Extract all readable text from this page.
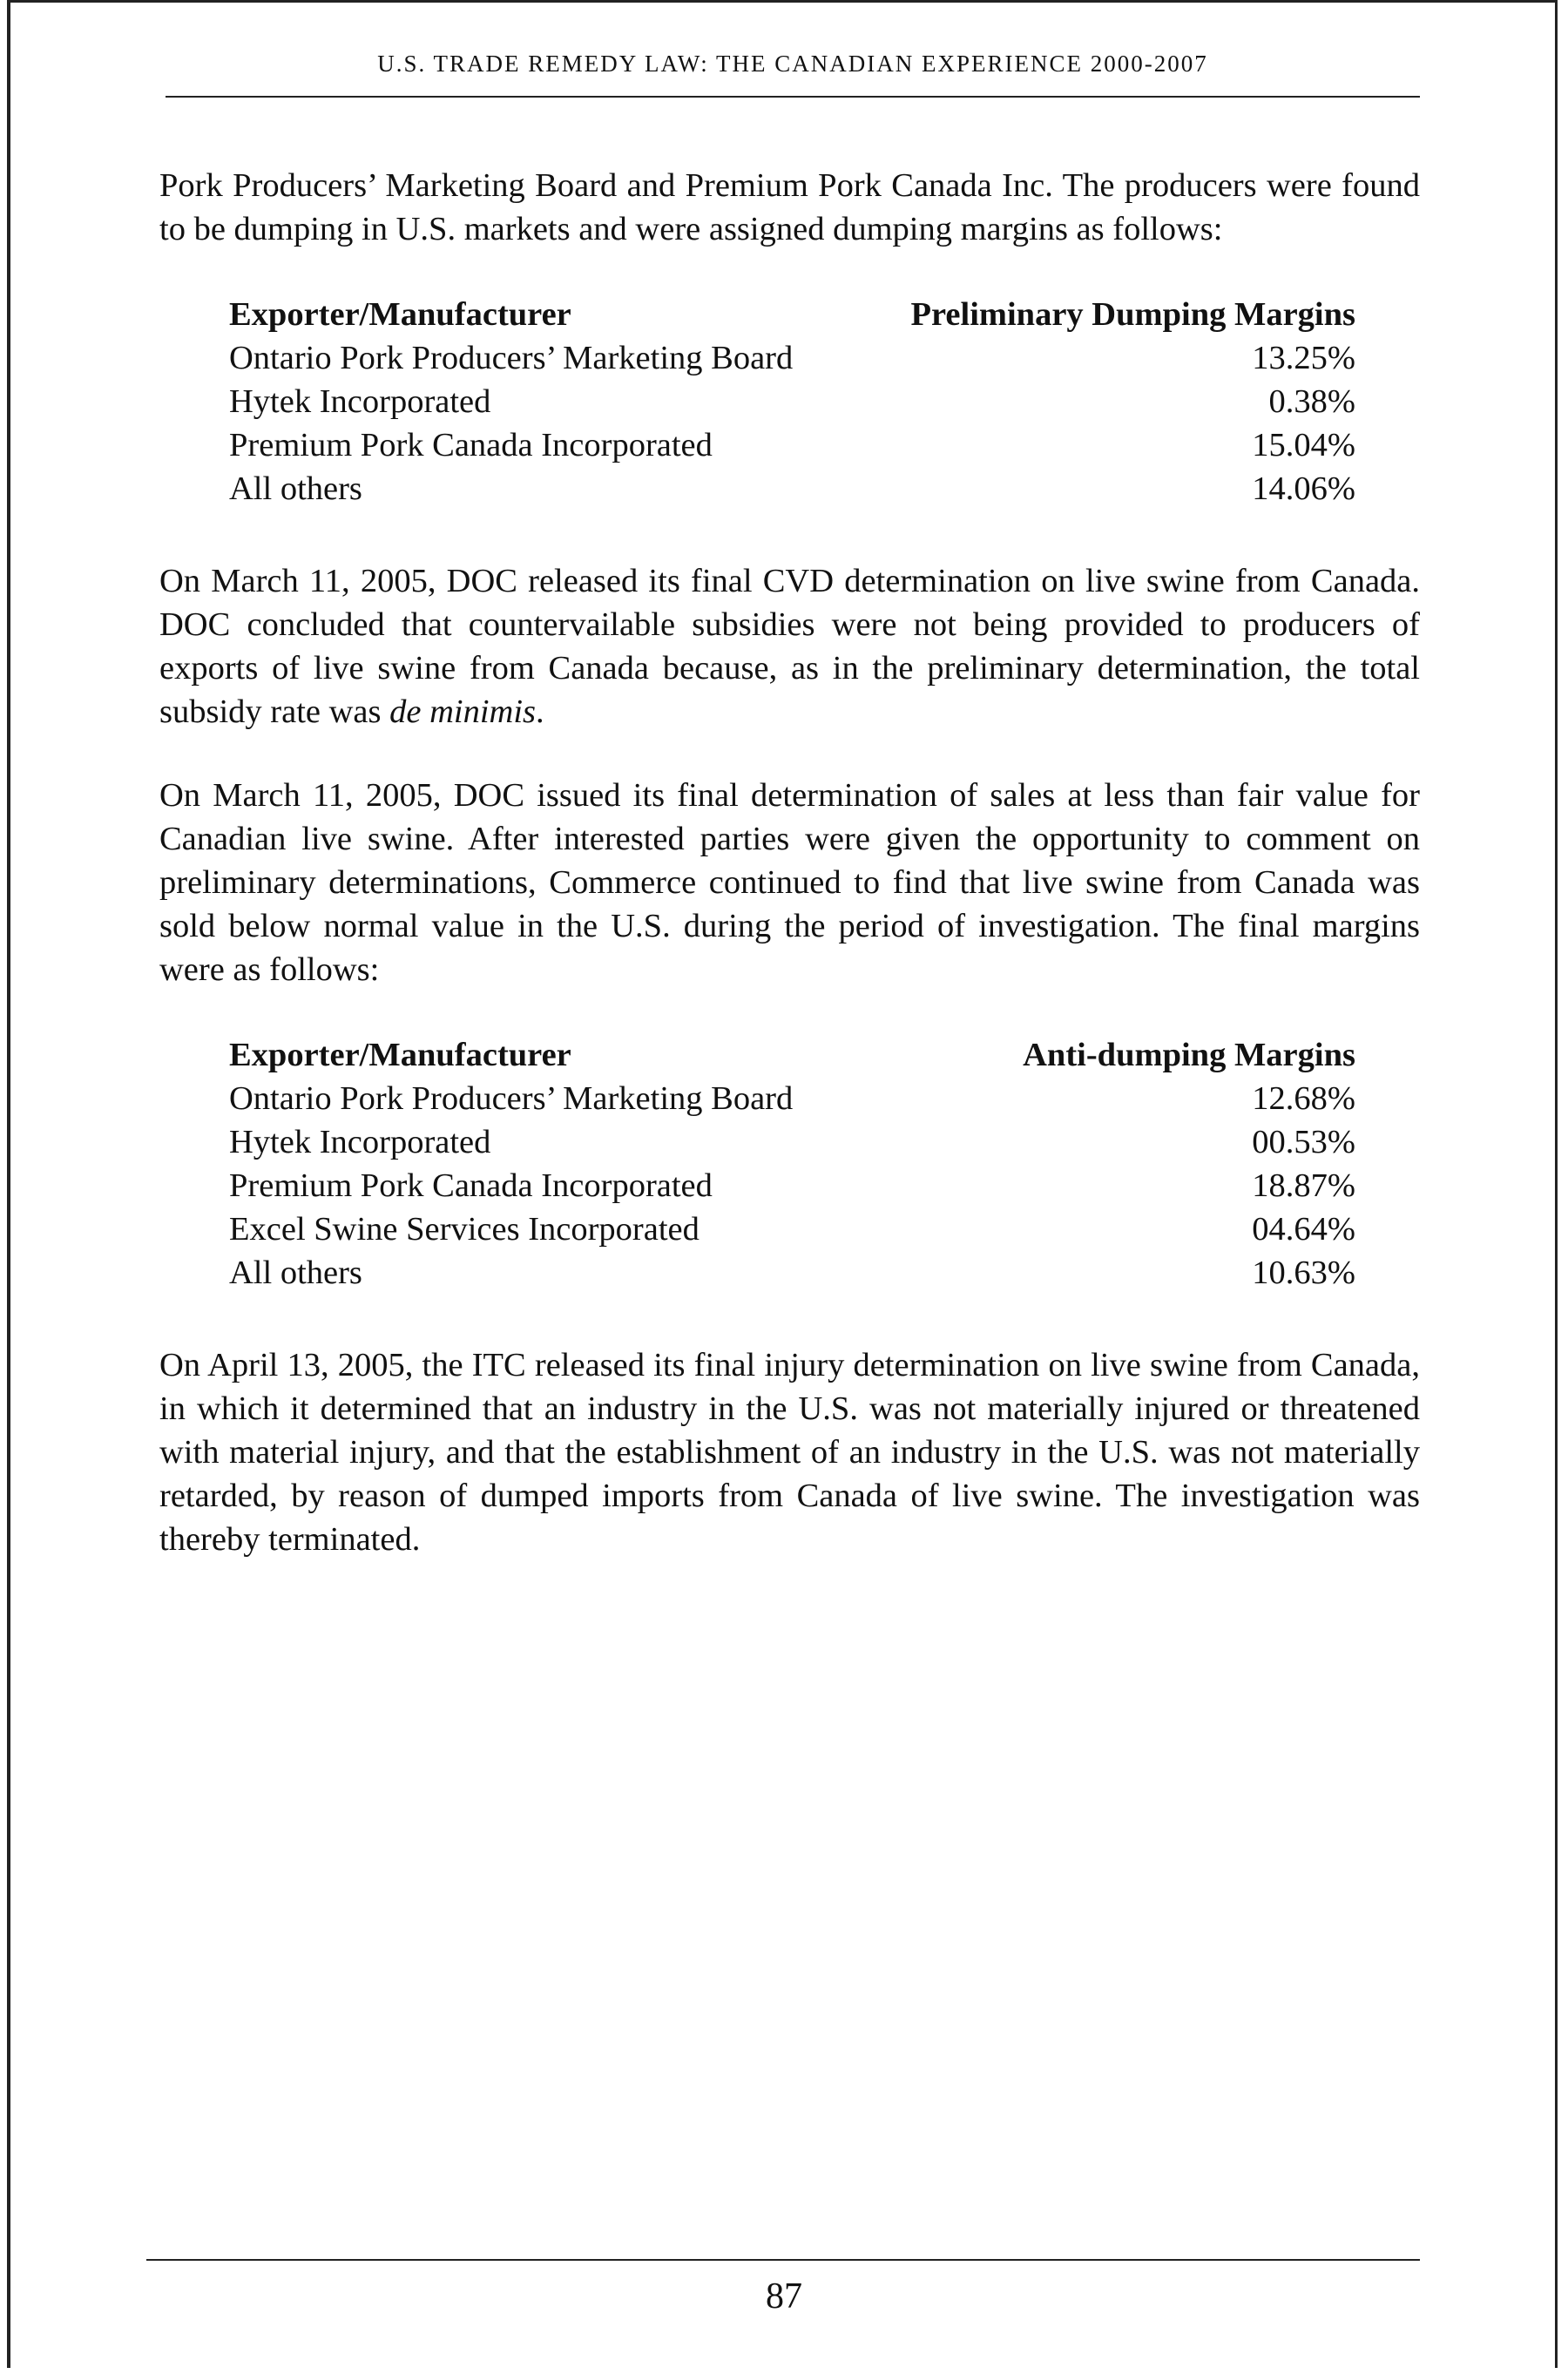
U.S. TRADE REMEDY LAW: THE CANADIAN EXPERIENCE 2000-2007

Pork Producers’ Marketing Board and Premium Pork Canada Inc. The producers were found to be dumping in U.S. markets and were assigned dumping margins as follows:

Exporter/Manufacturer	Preliminary Dumping Margins
Ontario Pork Producers’ Marketing Board	13.25%
Hytek Incorporated	0.38%
Premium Pork Canada Incorporated	15.04%
All others	14.06%

On March 11, 2005, DOC released its final CVD determination on live swine from Canada. DOC concluded that countervailable subsidies were not being provided to producers of exports of live swine from Canada because, as in the preliminary determination, the total subsidy rate was de minimis.

On March 11, 2005, DOC issued its final determination of sales at less than fair value for Canadian live swine. After interested parties were given the opportunity to comment on preliminary determinations, Commerce continued to find that live swine from Canada was sold below normal value in the U.S. during the period of investigation. The final margins were as follows:

Exporter/Manufacturer	Anti-dumping Margins
Ontario Pork Producers’ Marketing Board	12.68%
Hytek Incorporated	00.53%
Premium Pork Canada Incorporated	18.87%
Excel Swine Services Incorporated	04.64%
All others	10.63%

On April 13, 2005, the ITC released its final injury determination on live swine from Canada, in which it determined that an industry in the U.S. was not materially injured or threatened with material injury, and that the establishment of an industry in the U.S. was not materially retarded, by reason of dumped imports from Canada of live swine. The investigation was thereby terminated.

87
